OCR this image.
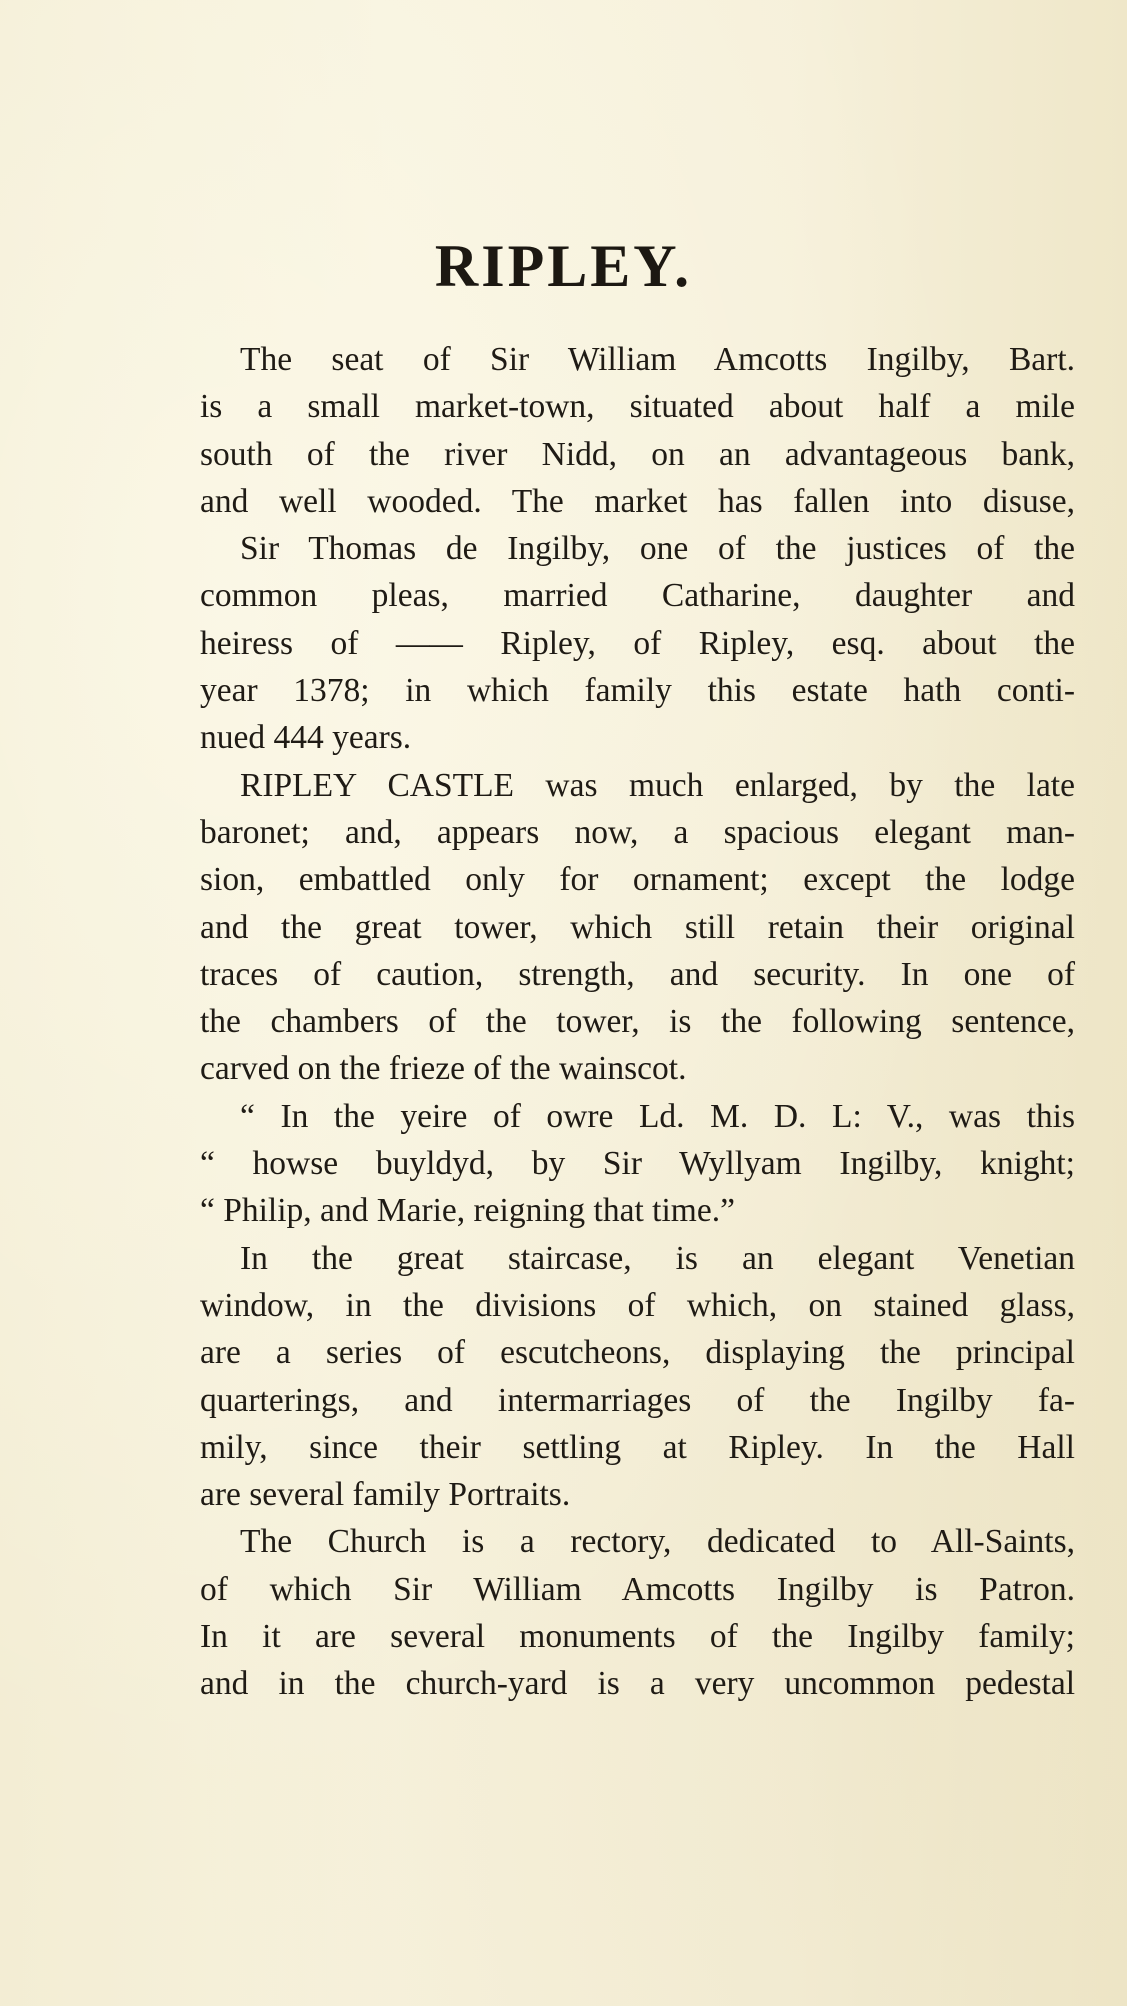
RIPLEY.
The seat of Sir William Amcotts Ingilby, Bart.
is a small market-town, situated about half a mile
south of the river Nidd, on an advantageous bank,
and well wooded. The market has fallen into disuse,
Sir Thomas de Ingilby, one of the justices of the
common pleas, married Catharine, daughter and
heiress of —— Ripley, of Ripley, esq. about the
year 1378; in which family this estate hath conti-
nued 444 years.
RIPLEY CASTLE was much enlarged, by the late
baronet; and, appears now, a spacious elegant man-
sion, embattled only for ornament; except the lodge
and the great tower, which still retain their original
traces of caution, strength, and security. In one of
the chambers of the tower, is the following sentence,
carved on the frieze of the wainscot.
“ In the yeire of owre Ld. M. D. L: V., was this
“ howse buyldyd, by Sir Wyllyam Ingilby, knight;
“ Philip, and Marie, reigning that time.”
In the great staircase, is an elegant Venetian
window, in the divisions of which, on stained glass,
are a series of escutcheons, displaying the principal
quarterings, and intermarriages of the Ingilby fa-
mily, since their settling at Ripley. In the Hall
are several family Portraits.
The Church is a rectory, dedicated to All-Saints,
of which Sir William Amcotts Ingilby is Patron.
In it are several monuments of the Ingilby family;
and in the church-yard is a very uncommon pedestal
